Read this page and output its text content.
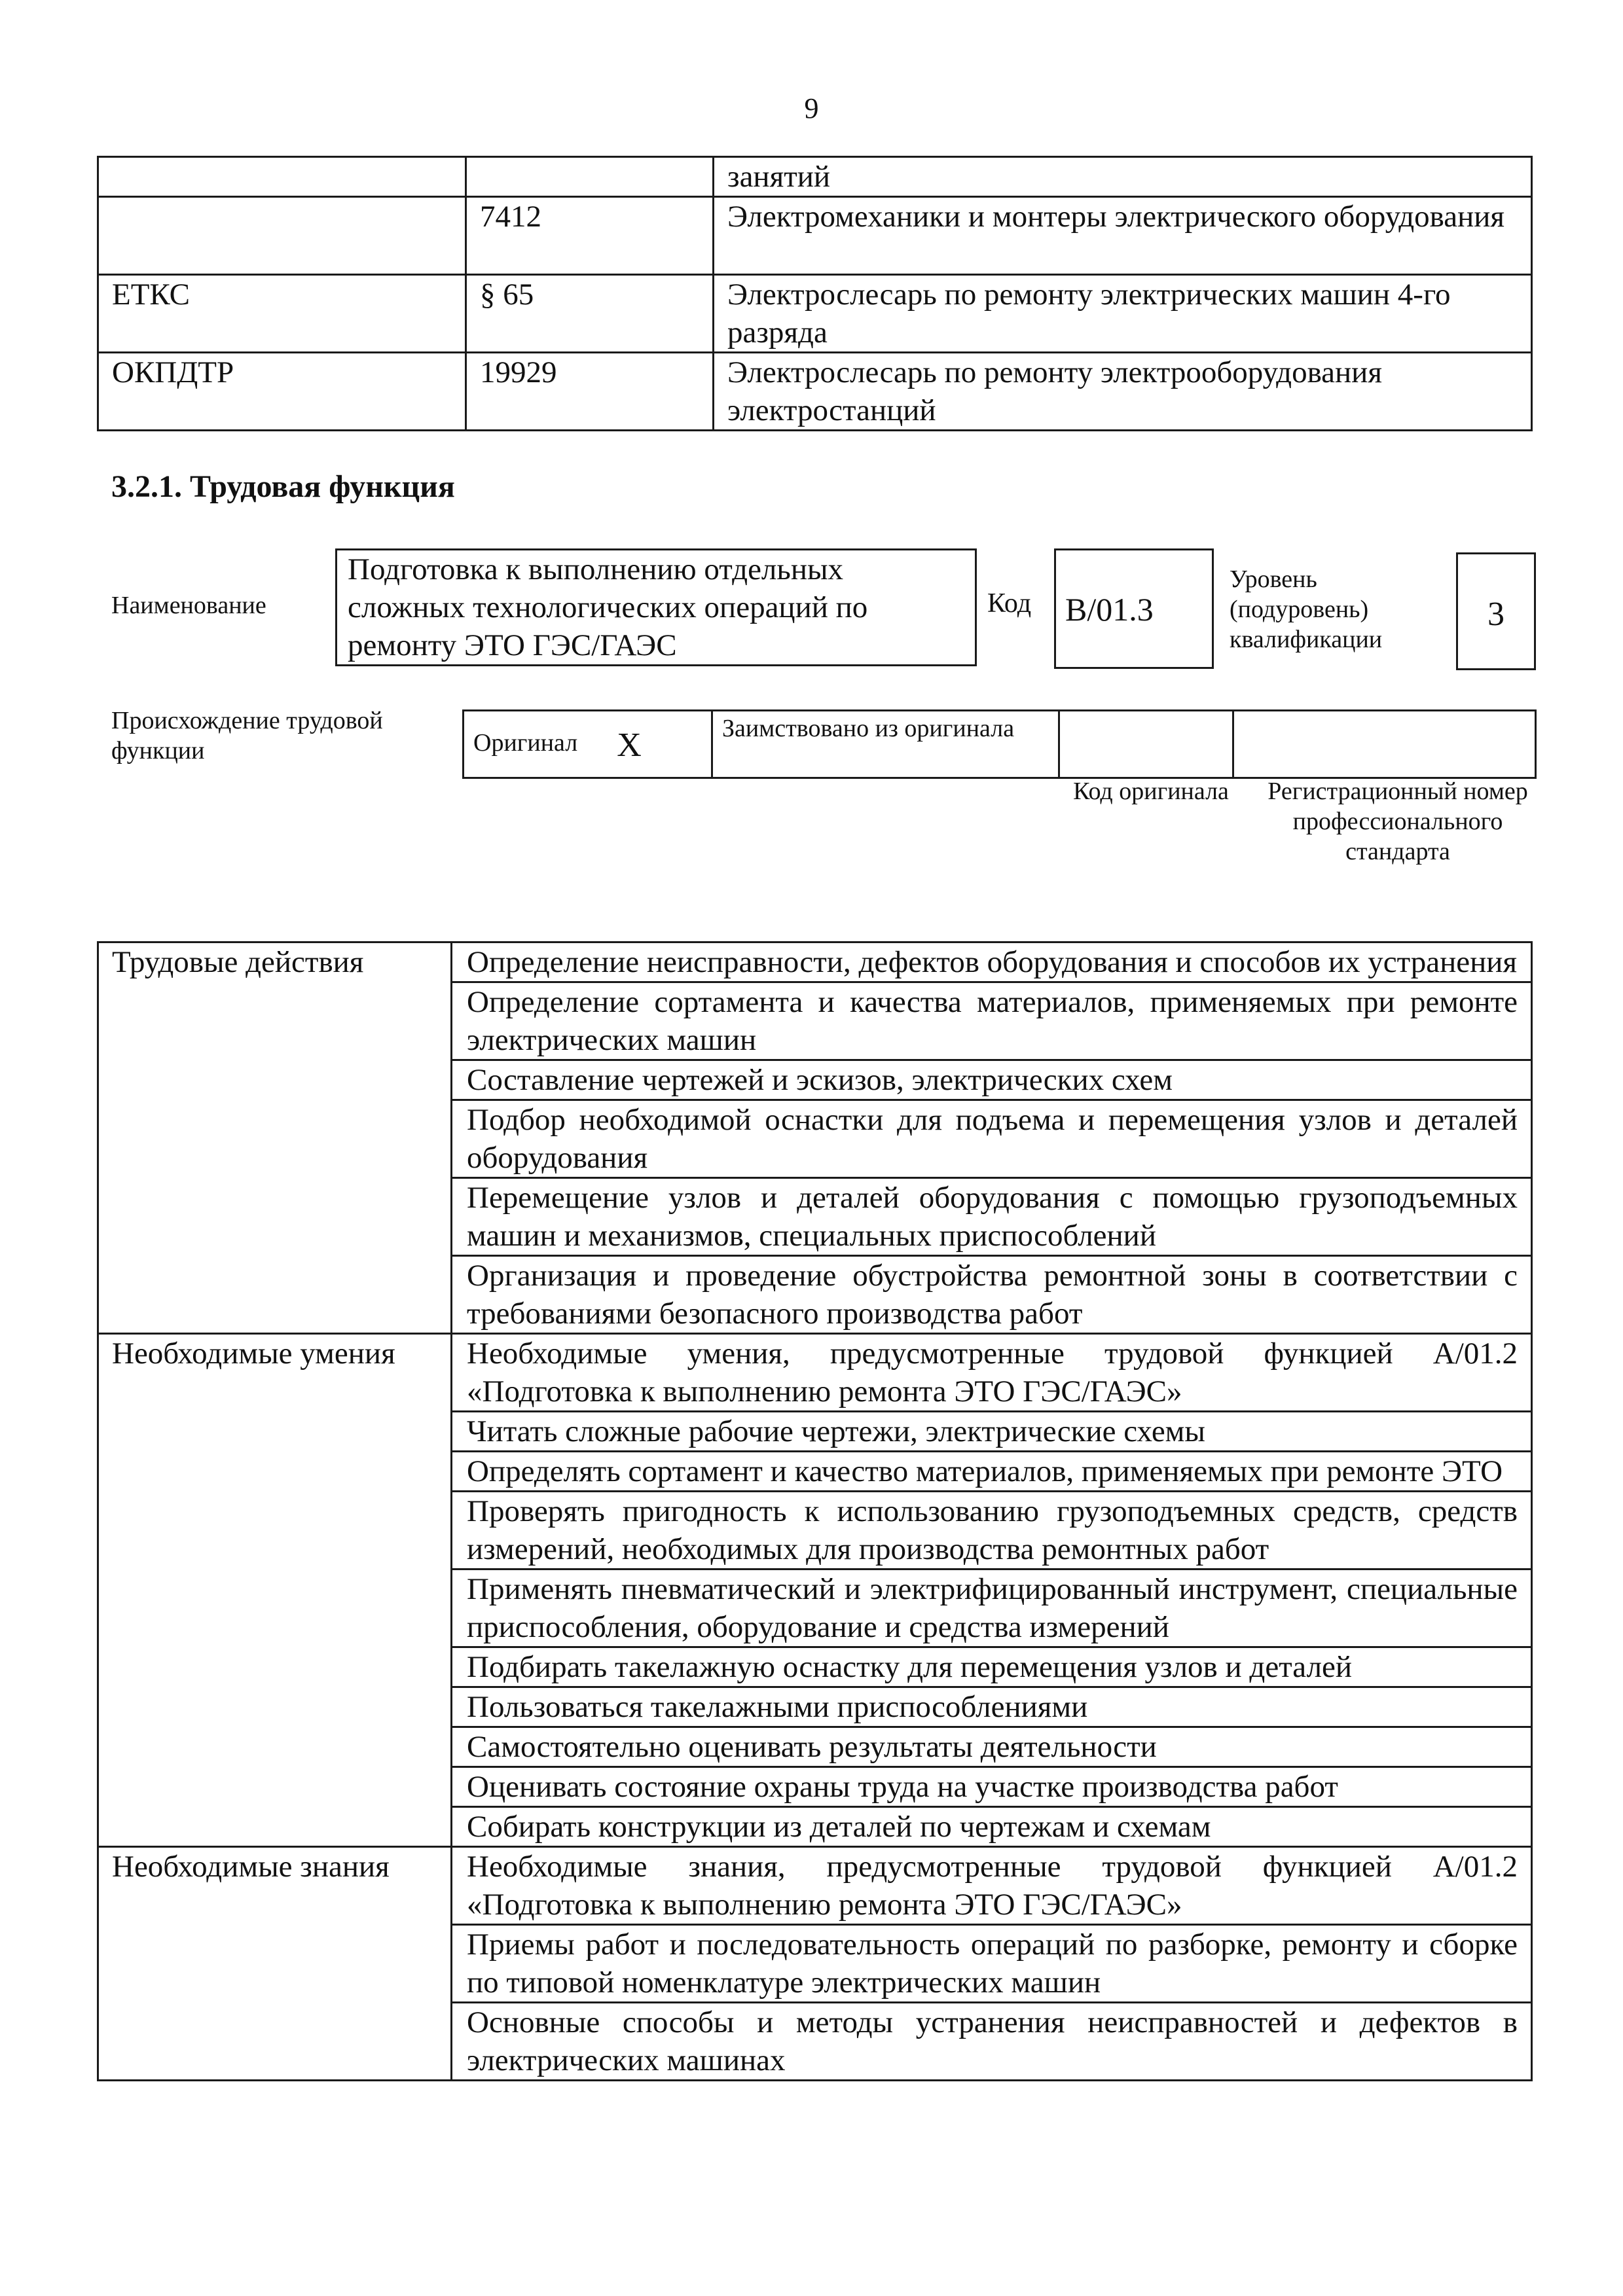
9
		занятий
	7412	Электромеханики и монтеры электрического оборудования
ЕТКС	§ 65	Электрослесарь по ремонту электрических машин 4-го разряда
ОКПДТР	19929	Электрослесарь по ремонту электрооборудования электростанций
3.2.1. Трудовая функция
Наименование
Подготовка к выполнению отдельных сложных технологических операций по ремонту ЭТО ГЭС/ГАЭС
Код	В/01.3
Уровень (подуровень) квалификации
3
Происхождение трудовой функции	Оригинал X	Заимствовано из оригинала		
Код оригинала	Регистрационный номер профессионального стандарта
Трудовые действия	Определение неисправности, дефектов оборудования и способов их устранения
	Определение сортамента и качества материалов, применяемых при ремонте электрических машин
	Составление чертежей и эскизов, электрических схем
	Подбор необходимой оснастки для подъема и перемещения узлов и деталей оборудования
	Перемещение узлов и деталей оборудования с помощью грузоподъемных машин и механизмов, специальных приспособлений
	Организация и проведение обустройства ремонтной зоны в соответствии с требованиями безопасного производства работ
Необходимые умения	Необходимые умения, предусмотренные трудовой функцией А/01.2 «Подготовка к выполнению ремонта ЭТО ГЭС/ГАЭС»
	Читать сложные рабочие чертежи, электрические схемы
	Определять сортамент и качество материалов, применяемых при ремонте ЭТО
	Проверять пригодность к использованию грузоподъемных средств, средств измерений, необходимых для производства ремонтных работ
	Применять пневматический и электрифицированный инструмент, специальные приспособления, оборудование и средства измерений
	Подбирать такелажную оснастку для перемещения узлов и деталей
	Пользоваться такелажными приспособлениями
	Самостоятельно оценивать результаты деятельности
	Оценивать состояние охраны труда на участке производства работ
	Собирать конструкции из деталей по чертежам и схемам
Необходимые знания	Необходимые знания, предусмотренные трудовой функцией А/01.2 «Подготовка к выполнению ремонта ЭТО ГЭС/ГАЭС»
	Приемы работ и последовательность операций по разборке, ремонту и сборке по типовой номенклатуре электрических машин
	Основные способы и методы устранения неисправностей и дефектов в электрических машинах
